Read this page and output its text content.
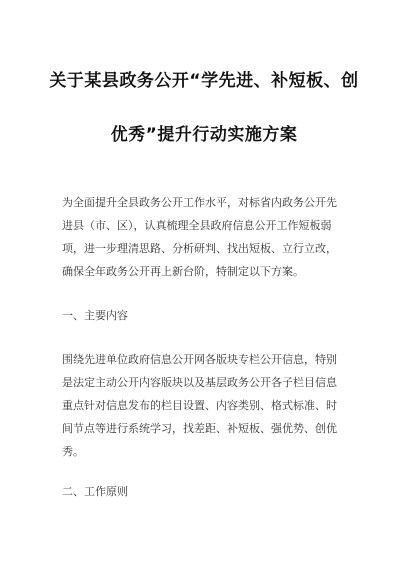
关于某县政务公开“学先进、补短板、创
优秀”提升行动实施方案
为全面提升全县政务公开工作水平，对标省内政务公开先
进县（市、区），认真梳理全县政府信息公开工作短板弱
项，进一步理清思路、分析研判、找出短板、立行立改，
确保全年政务公开再上新台阶，特制定以下方案。
一、主要内容
围绕先进单位政府信息公开网各版块专栏公开信息，特别
是法定主动公开内容版块以及基层政务公开各子栏目信息
重点针对信息发布的栏目设置、内容类别、格式标准、时
间节点等进行系统学习，找差距、补短板、强优势、创优
秀。
二、工作原则
